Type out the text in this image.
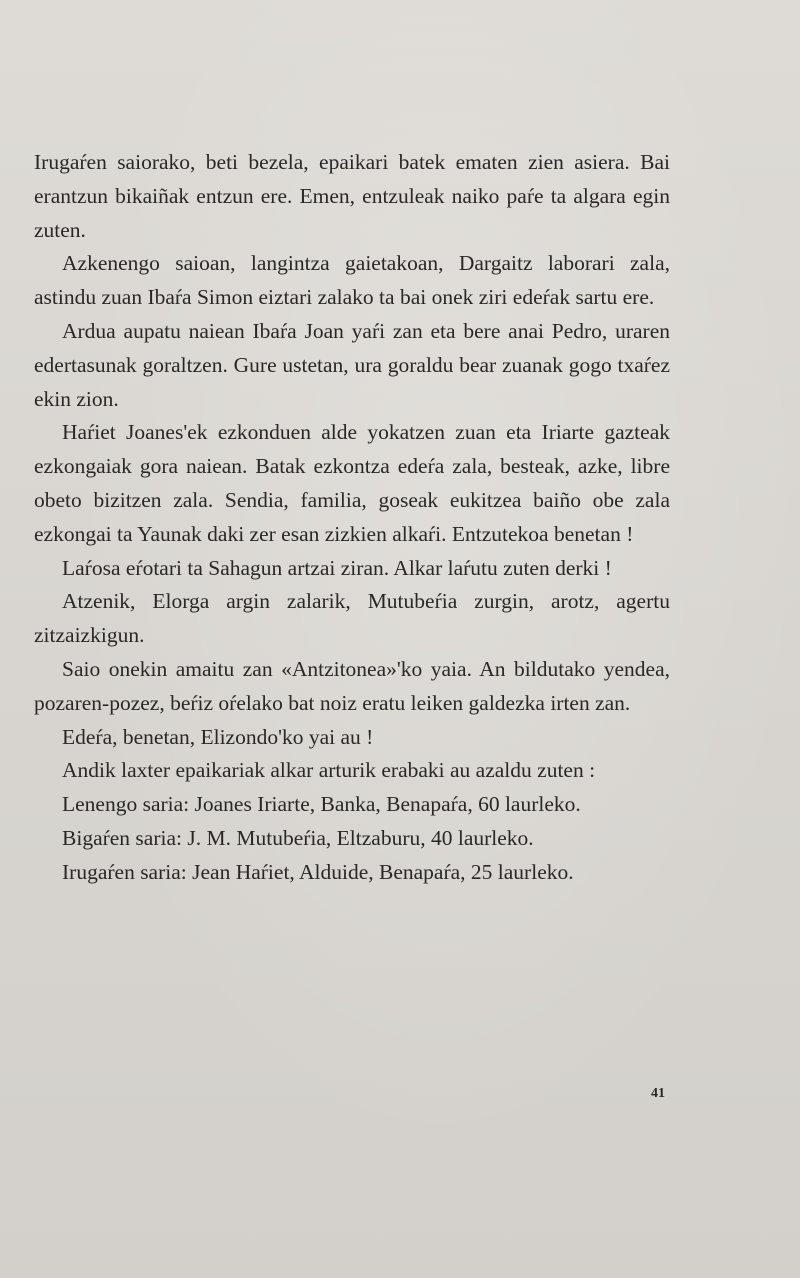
Irugaŕen saiorako, beti bezela, epaikari batek ematen zien asiera. Bai erantzun bikaiñak entzun ere. Emen, entzuleak naiko paŕe ta algara egin zuten.

Azkenengo saioan, langintza gaietakoan, Dargaitz laborari zala, astindu zuan Ibaŕa Simon eiztari zalako ta bai onek ziri edeŕak sartu ere.

Ardua aupatu naiean Ibaŕa Joan yaŕi zan eta bere anai Pedro, uraren edertasunak goraltzen. Gure ustetan, ura goraldu bear zuanak gogo txaŕez ekin zion.

Haŕiet Joanes'ek ezkonduen alde yokatzen zuan eta Iriarte gazteak ezkongaiak gora naiean. Batak ezkontza edeŕa zala, besteak, azke, libre obeto bizitzen zala. Sendia, familia, goseak eukitzea baiño obe zala ezkongai ta Yaunak daki zer esan zizkien alkaŕi. Entzutekoa benetan !

Laŕosa eŕotari ta Sahagun artzai ziran. Alkar laŕutu zuten derki !

Atzenik, Elorga argin zalarik, Mutubeŕia zurgin, arotz, agertu zitzaizkigun.

Saio onekin amaitu zan «Antzitonea»'ko yaia. An bildutako yendea, pozaren-pozez, beŕiz oŕelako bat noiz eratu leiken galdezka irten zan.

Edeŕa, benetan, Elizondo'ko yai au !

Andik laxter epaikariak alkar arturik erabaki au azaldu zuten :

Lenengo saria: Joanes Iriarte, Banka, Benapaŕa, 60 laurleko.

Bigaŕen saria: J. M. Mutubeŕia, Eltzaburu, 40 laurleko.

Irugaŕen saria: Jean Haŕiet, Alduide, Benapaŕa, 25 laurleko.

41
